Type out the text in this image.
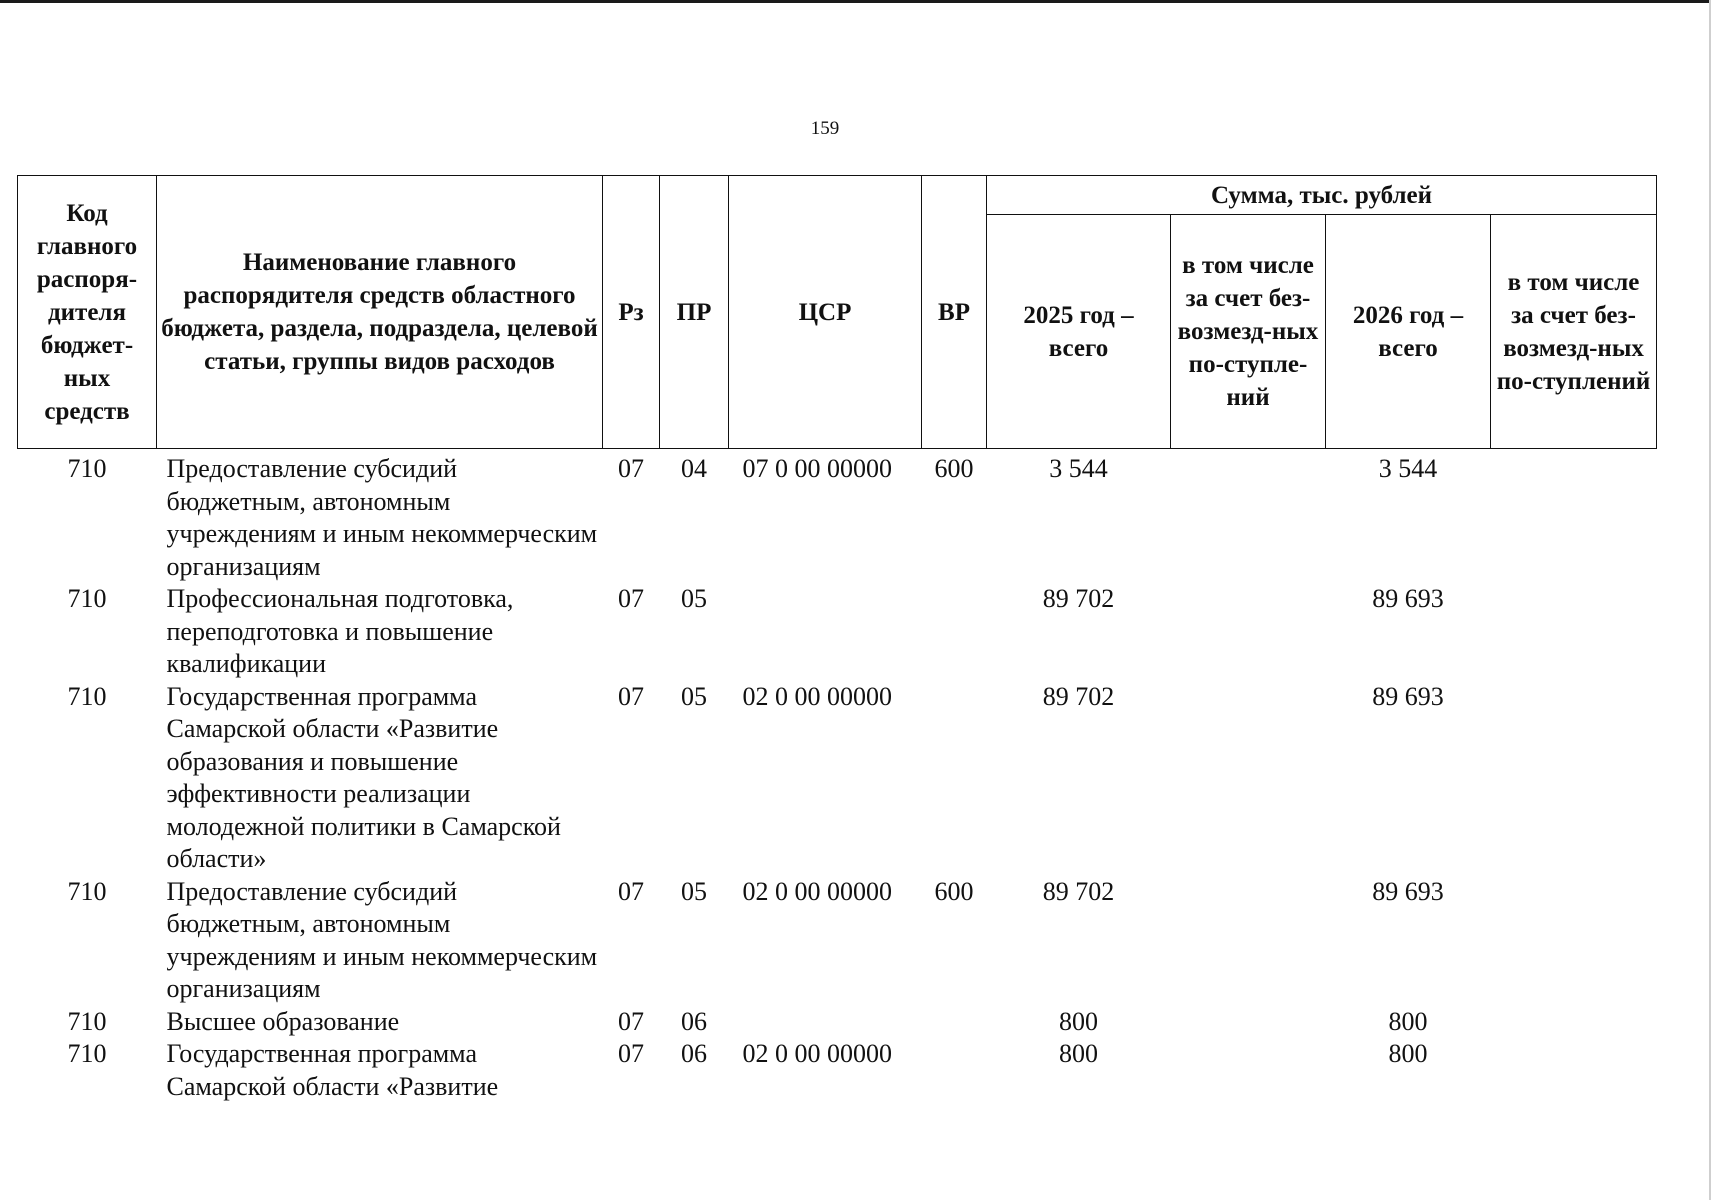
159
Код главного распоря-дителя бюджет-ных средств	Наименование главного распорядителя средств областного бюджета, раздела, подраздела, целевой статьи, группы видов расходов	Рз	ПР	ЦСР	ВР	Сумма, тыс. рублей			
						2025 год – всего	в том числе за счет без-возмезд-ных по-ступле-ний	2026 год – всего	в том числе за счет без-возмезд-ных по-ступлений
710	Предоставление субсидий бюджетным, автономным учреждениям и иным некоммерческим организациям	07	04	07 0 00 00000	600	3 544		3 544	
710	Профессиональная подготовка, переподготовка и повышение квалификации	07	05			89 702		89 693	
710	Государственная программа Самарской области «Развитие образования и повышение эффективности реализации молодежной политики в Самарской области»	07	05	02 0 00 00000		89 702		89 693	
710	Предоставление субсидий бюджетным, автономным учреждениям и иным некоммерческим организациям	07	05	02 0 00 00000	600	89 702		89 693	
710	Высшее образование	07	06			800		800	
710	Государственная программа Самарской области «Развитие	07	06	02 0 00 00000		800		800	
